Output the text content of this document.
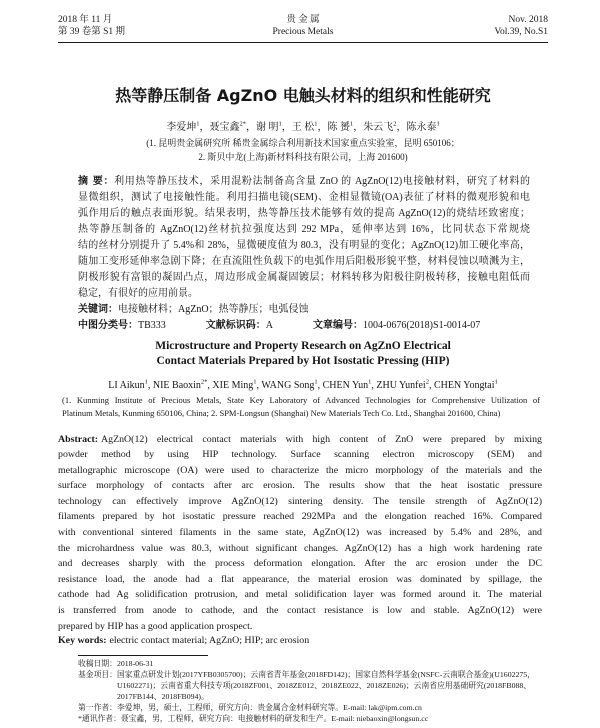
2018 年 11 月
第 39 卷第 S1 期
贵 金 属
Precious Metals
Nov. 2018
Vol.39, No.S1
热等静压制备 AgZnO 电触头材料的组织和性能研究
李爱坤$^1$，聂宝鑫$^{2*}$，谢 明$^1$，王 松$^1$，陈 赟$^1$，朱云飞$^2$，陈永泰$^1$
(1. 昆明贵金属研究所 稀贵金属综合利用新技术国家重点实验室，昆明 650106；
2. 斯贝中龙(上海)新材料科技有限公司，上海 201600)
摘 要：利用热等静压技术，采用混粉法制备高含量 ZnO 的 AgZnO(12)电接触材料，研究了材料的
显微组织，测试了电接触性能。利用扫描电镜(SEM)、金相显微镜(OA)表征了材料的微观形貌和电
弧作用后的触点表面形貌。结果表明，热等静压技术能够有效的提高 AgZnO(12)的烧结坯致密度；
热等静压制备的 AgZnO(12)丝材抗拉强度达到 292 MPa，延伸率达到 16%，比同状态下常规烧
结的丝材分别提升了 5.4%和 28%，显微硬度值为 80.3，没有明显的变化；AgZnO(12)加工硬化率高，
随加工变形延伸率急剧下降；在直流阻性负载下的电弧作用后阳极形貌平整，材料侵蚀以喷溅为主，
阴极形貌有富银的凝固凸点，周边形成金属凝固镀层；材料转移为阳极往阴极转移，接触电阻低而
稳定，有很好的应用前景。
关键词：电接触材料；AgZnO；热等静压；电弧侵蚀
中图分类号：TB333	文献标识码：A	文章编号：1004-0676(2018)S1-0014-07
Microstructure and Property Research on AgZnO Electrical
Contact Materials Prepared by Hot Isostatic Pressing (HIP)
LI Aikun$^1$, NIE Baoxin$^{2*}$, XIE Ming$^1$, WANG Song$^1$, CHEN Yun$^1$, ZHU Yunfei$^2$, CHEN Yongtai$^1$
(1. Kunming Institute of Precious Metals, State Key Laboratory of Advanced Technologies for Comprehensive Utilization of
Platinum Metals, Kunming 650106, China; 2. SPM-Longsun (Shanghai) New Materials Tech Co. Ltd., Shanghai 201600, China)
Abstract: AgZnO(12) electrical contact materials with high content of ZnO were prepared by mixing
powder method by using HIP technology. Surface scanning electron microscopy (SEM) and
metallographic microscope (OA) were used to characterize the micro morphology of the materials and the
surface morphology of contacts after arc erosion. The results show that the heat isostatic pressure
technology can effectively improve AgZnO(12) sintering density. The tensile strength of AgZnO(12)
filaments prepared by hot isostatic pressure reached 292MPa and the elongation reached 16%. Compared
with conventional sintered filaments in the same state, AgZnO(12) was increased by 5.4% and 28%, and
the microhardness value was 80.3, without significant changes. AgZnO(12) has a high work hardening rate
and decreases sharply with the process deformation elongation. After the arc erosion under the DC
resistance load, the anode had a flat appearance, the material erosion was dominated by spillage, the
cathode had Ag solidification protrusion, and metal solidification layer was formed around it. The material
is transferred from anode to cathode, and the contact resistance is low and stable. AgZnO(12) were
prepared by HIP has a good application prospect.
Key words: electric contact material; AgZnO; HIP; arc erosion
收稿日期： 2018-06-31
基金项目： 国家重点研发计划(2017YFB0305700)；云南省青年基金(2018FD142)；国家自然科学基金(NSFC-云南联合基金)(U1602275，
U1602271)；云南省重大科技专项(2018ZF001、2018ZE012、2018ZE022、2018ZE026)；云南省应用基础研究(2018FB088、
2017FB144、2018FB094)。
第一作者： 李爱坤，男，硕士，工程师，研究方向：贵金属合金材料研究等。E-mail: lak@ipm.com.cn
*通讯作者： 聂宝鑫，男，工程师，研究方向：电接触材料的研发和生产。E-mail: niebaoxin@longsun.cc
